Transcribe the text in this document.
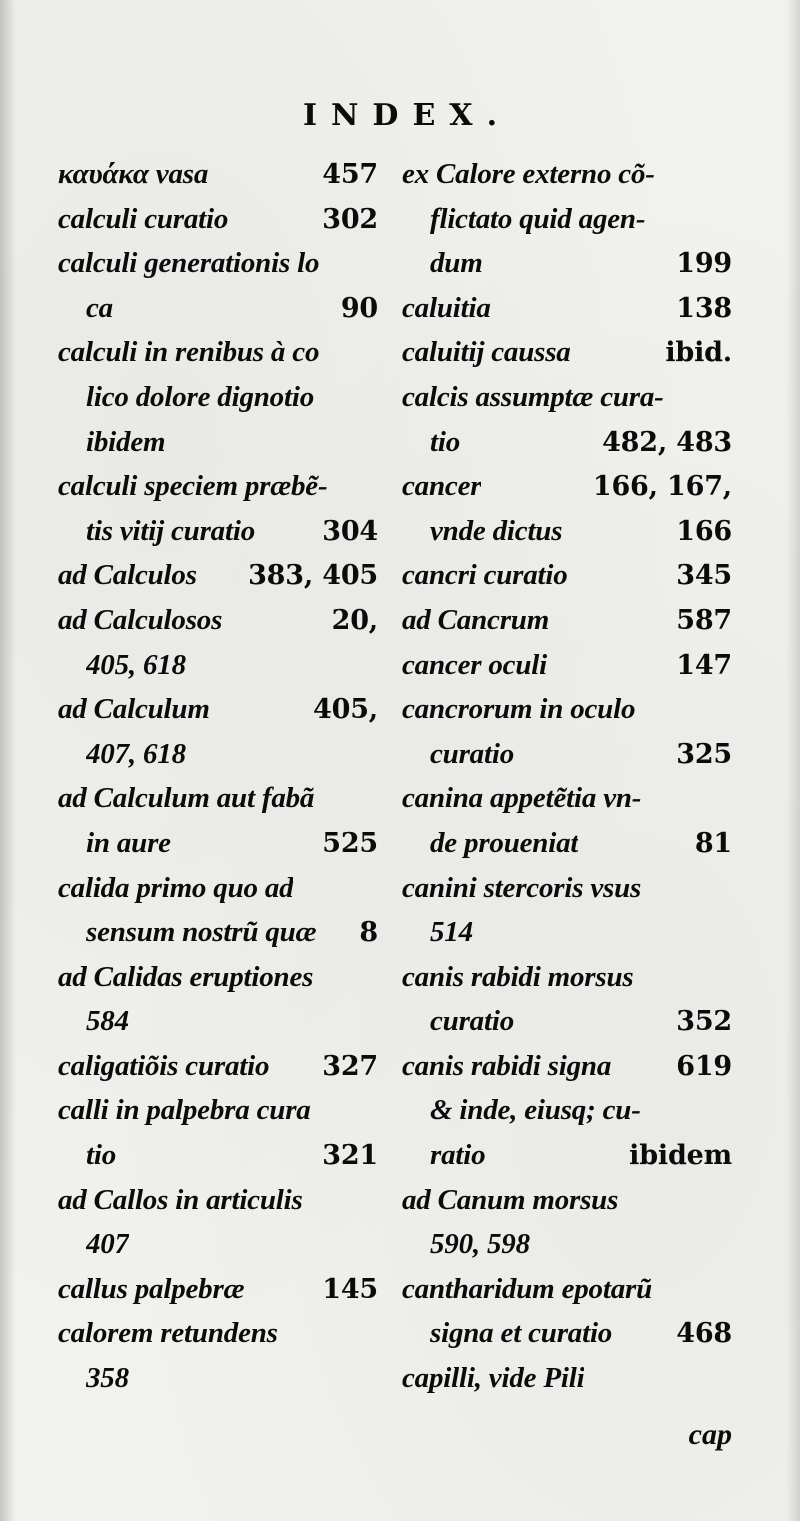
INDEX.
καυάκα vasa	457
calculi curatio	302
calculi generationis lo
ca	90
calculi in renibus à co
lico dolore dignotio
ibidem
calculi speciem præbẽ-
tis vitij curatio 304
ad Calculos 383, 405
ad Calculosos	20,
405, 618
ad Calculum	405,
407, 618
ad Calculum aut fabã
in aure	525
calida primo quo ad
sensum nostrũ quæ 8
ad Calidas eruptiones
584
caligatiõis curatio 327
calli in palpebra cura
tio	321
ad Callos in articulis
407
callus palpebræ	145
calorem retundens
358
ex Calore externo cõ-
flictato quid agen-
dum	199
caluitia	138
caluitij caussa	ibid.
calcis assumptæ cura-
tio	482, 483
cancer	166, 167,
vnde dictus	166
cancri curatio	345
ad Cancrum	587
cancer oculi	147
cancrorum in oculo
curatio	325
canina appetẽtia vn-
de proueniat	81
canini stercoris vsus
514
canis rabidi morsus
curatio	352
canis rabidi signa 619
& inde, eiusq; cu-
ratio	ibidem
ad Canum morsus
590, 598
cantharidum epotarũ
signa et curatio 468
capilli, vide Pili
cap
